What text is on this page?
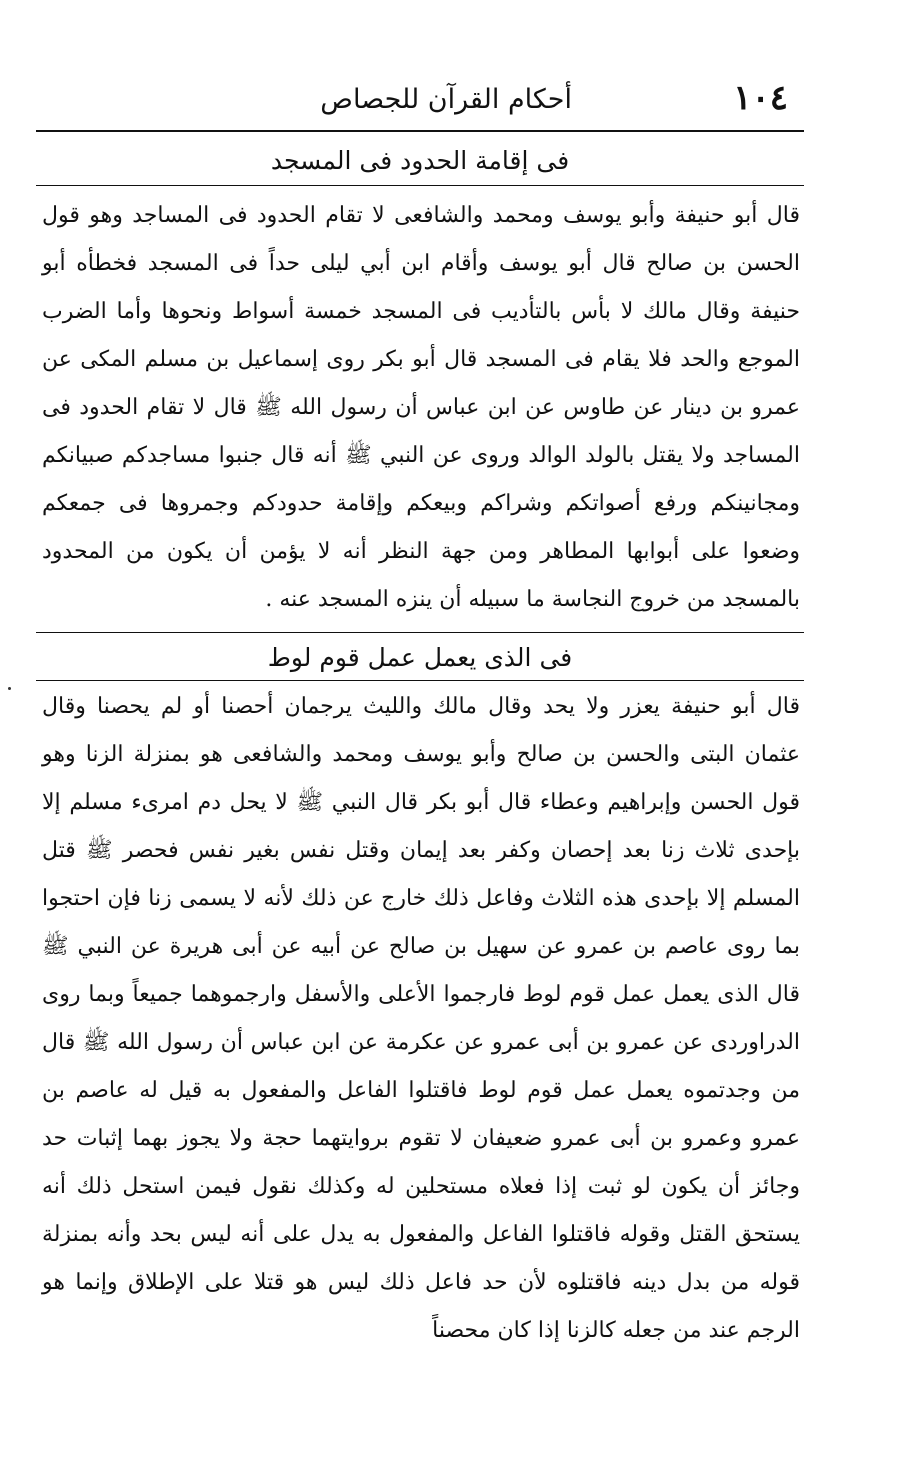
١٠٤
أحكام القرآن للجصاص
فى إقامة الحدود فى المسجد

قال أبو حنيفة وأبو يوسف ومحمد والشافعى لا تقام الحدود فى المساجد وهو قول الحسن بن صالح قال أبو يوسف وأقام ابن أبي ليلى حداً فى المسجد فخطأه أبو حنيفة وقال مالك لا بأس بالتأديب فى المسجد خمسة أسواط ونحوها وأما الضرب الموجع والحد فلا يقام فى المسجد قال أبو بكر روى إسماعيل بن مسلم المكى عن عمرو بن دينار عن طاوس عن ابن عباس أن رسول الله ﷺ قال لا تقام الحدود فى المساجد ولا يقتل بالولد الوالد وروى عن النبي ﷺ أنه قال جنبوا مساجدكم صبيانكم ومجانينكم ورفع أصواتكم وشراكم وبيعكم وإقامة حدودكم وجمروها فى جمعكم وضعوا على أبوابها المطاهر ومن جهة النظر أنه لا يؤمن أن يكون من المحدود بالمسجد من خروج النجاسة ما سبيله أن ينزه المسجد عنه .

فى الذى يعمل عمل قوم لوط

قال أبو حنيفة يعزر ولا يحد وقال مالك والليث يرجمان أحصنا أو لم يحصنا وقال عثمان البتى والحسن بن صالح وأبو يوسف ومحمد والشافعى هو بمنزلة الزنا وهو قول الحسن وإبراهيم وعطاء قال أبو بكر قال النبي ﷺ لا يحل دم امرىء مسلم إلا بإحدى ثلاث زنا بعد إحصان وكفر بعد إيمان وقتل نفس بغير نفس فحصر ﷺ قتل المسلم إلا بإحدى هذه الثلاث وفاعل ذلك خارج عن ذلك لأنه لا يسمى زنا فإن احتجوا بما روى عاصم بن عمرو عن سهيل بن صالح عن أبيه عن أبى هريرة عن النبي ﷺ قال الذى يعمل عمل قوم لوط فارجموا الأعلى والأسفل وارجموهما جميعاً وبما روى الدراوردى عن عمرو بن أبى عمرو عن عكرمة عن ابن عباس أن رسول الله ﷺ قال من وجدتموه يعمل عمل قوم لوط فاقتلوا الفاعل والمفعول به قيل له عاصم بن عمرو وعمرو بن أبى عمرو ضعيفان لا تقوم بروايتهما حجة ولا يجوز بهما إثبات حد وجائز أن يكون لو ثبت إذا فعلاه مستحلين له وكذلك نقول فيمن استحل ذلك أنه يستحق القتل وقوله فاقتلوا الفاعل والمفعول به يدل على أنه ليس بحد وأنه بمنزلة قوله من بدل دينه فاقتلوه لأن حد فاعل ذلك ليس هو قتلا على الإطلاق وإنما هو الرجم عند من جعله كالزنا إذا كان محصناً
